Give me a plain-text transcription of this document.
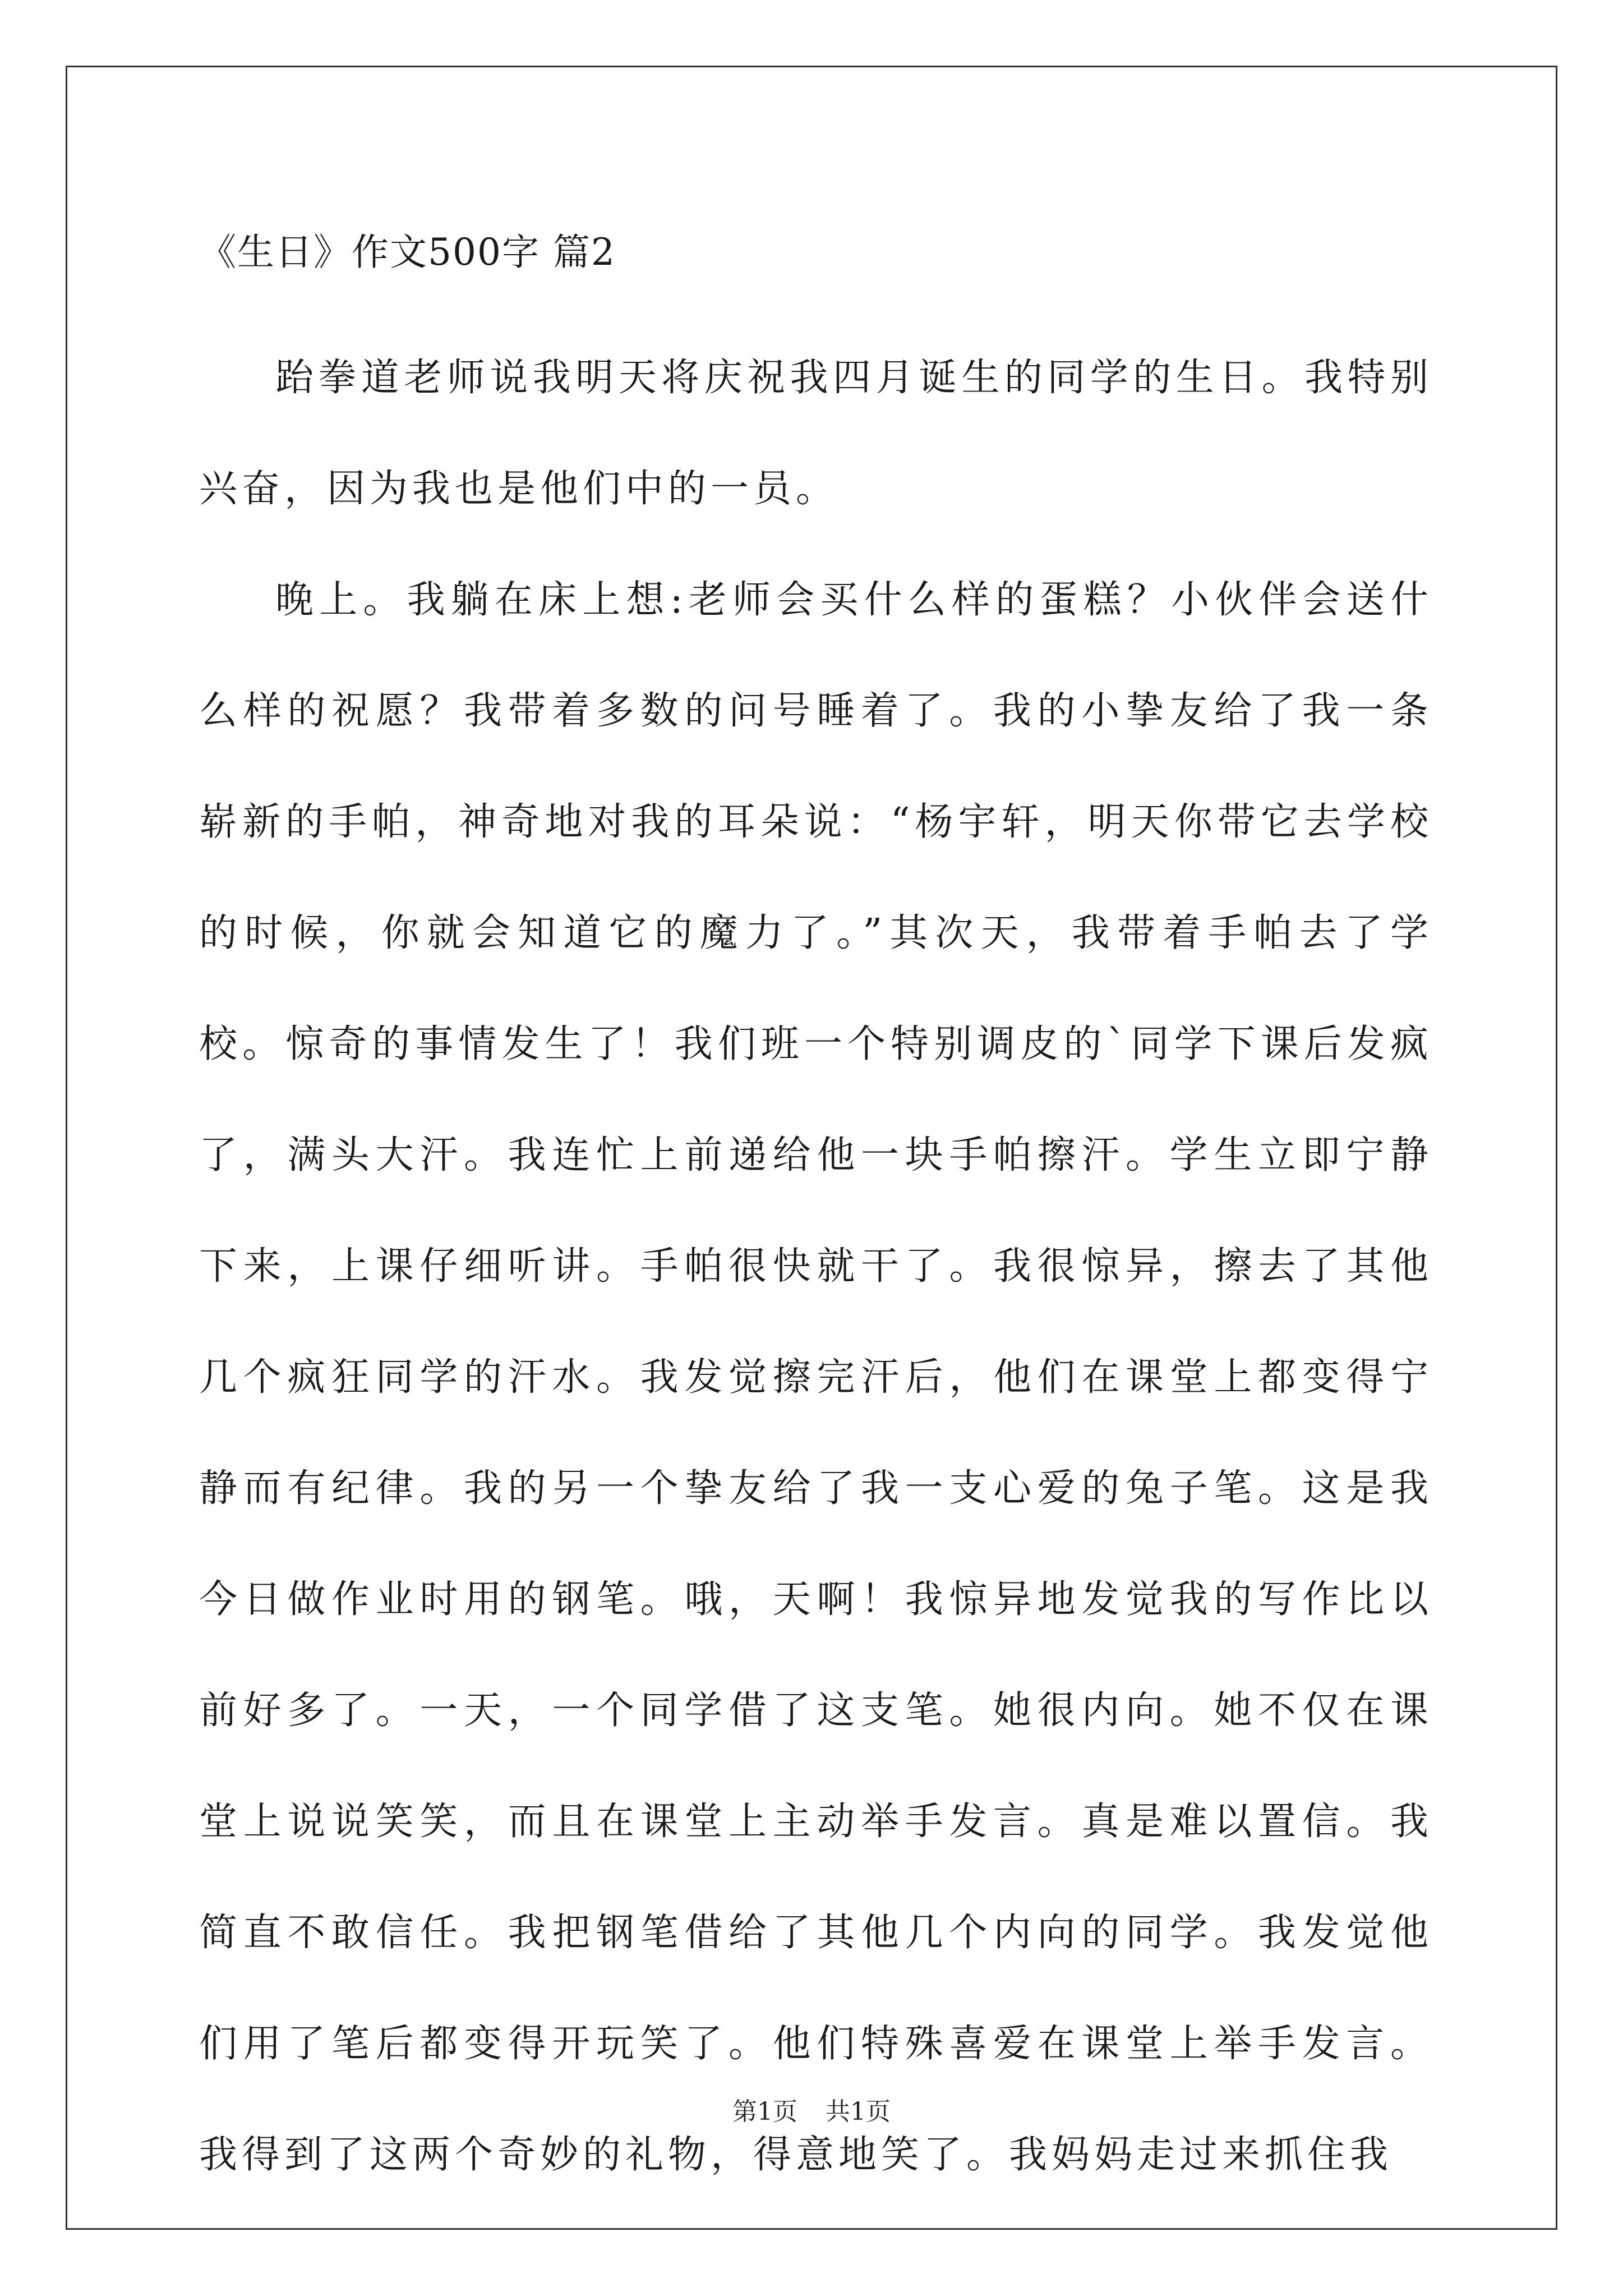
《生日》作文500字 篇2

跆拳道老师说我明天将庆祝我四月诞生的同学的生日。我特别兴奋，因为我也是他们中的一员。

晚上。我躺在床上想:老师会买什么样的蛋糕？小伙伴会送什么样的祝愿？我带着多数的问号睡着了。我的小挚友给了我一条崭新的手帕，神奇地对我的耳朵说：“杨宇轩，明天你带它去学校的时候，你就会知道它的魔力了。”其次天，我带着手帕去了学校。惊奇的事情发生了！我们班一个特别调皮的`同学下课后发疯了，满头大汗。我连忙上前递给他一块手帕擦汗。学生立即宁静下来，上课仔细听讲。手帕很快就干了。我很惊异，擦去了其他几个疯狂同学的汗水。我发觉擦完汗后，他们在课堂上都变得宁静而有纪律。我的另一个挚友给了我一支心爱的兔子笔。这是我今日做作业时用的钢笔。哦，天啊！我惊异地发觉我的写作比以前好多了。一天，一个同学借了这支笔。她很内向。她不仅在课堂上说说笑笑，而且在课堂上主动举手发言。真是难以置信。我简直不敢信任。我把钢笔借给了其他几个内向的同学。我发觉他们用了笔后都变得开玩笑了。他们特殊喜爱在课堂上举手发言。我得到了这两个奇妙的礼物，得意地笑了。我妈妈走过来抓住我

第1页 共1页
